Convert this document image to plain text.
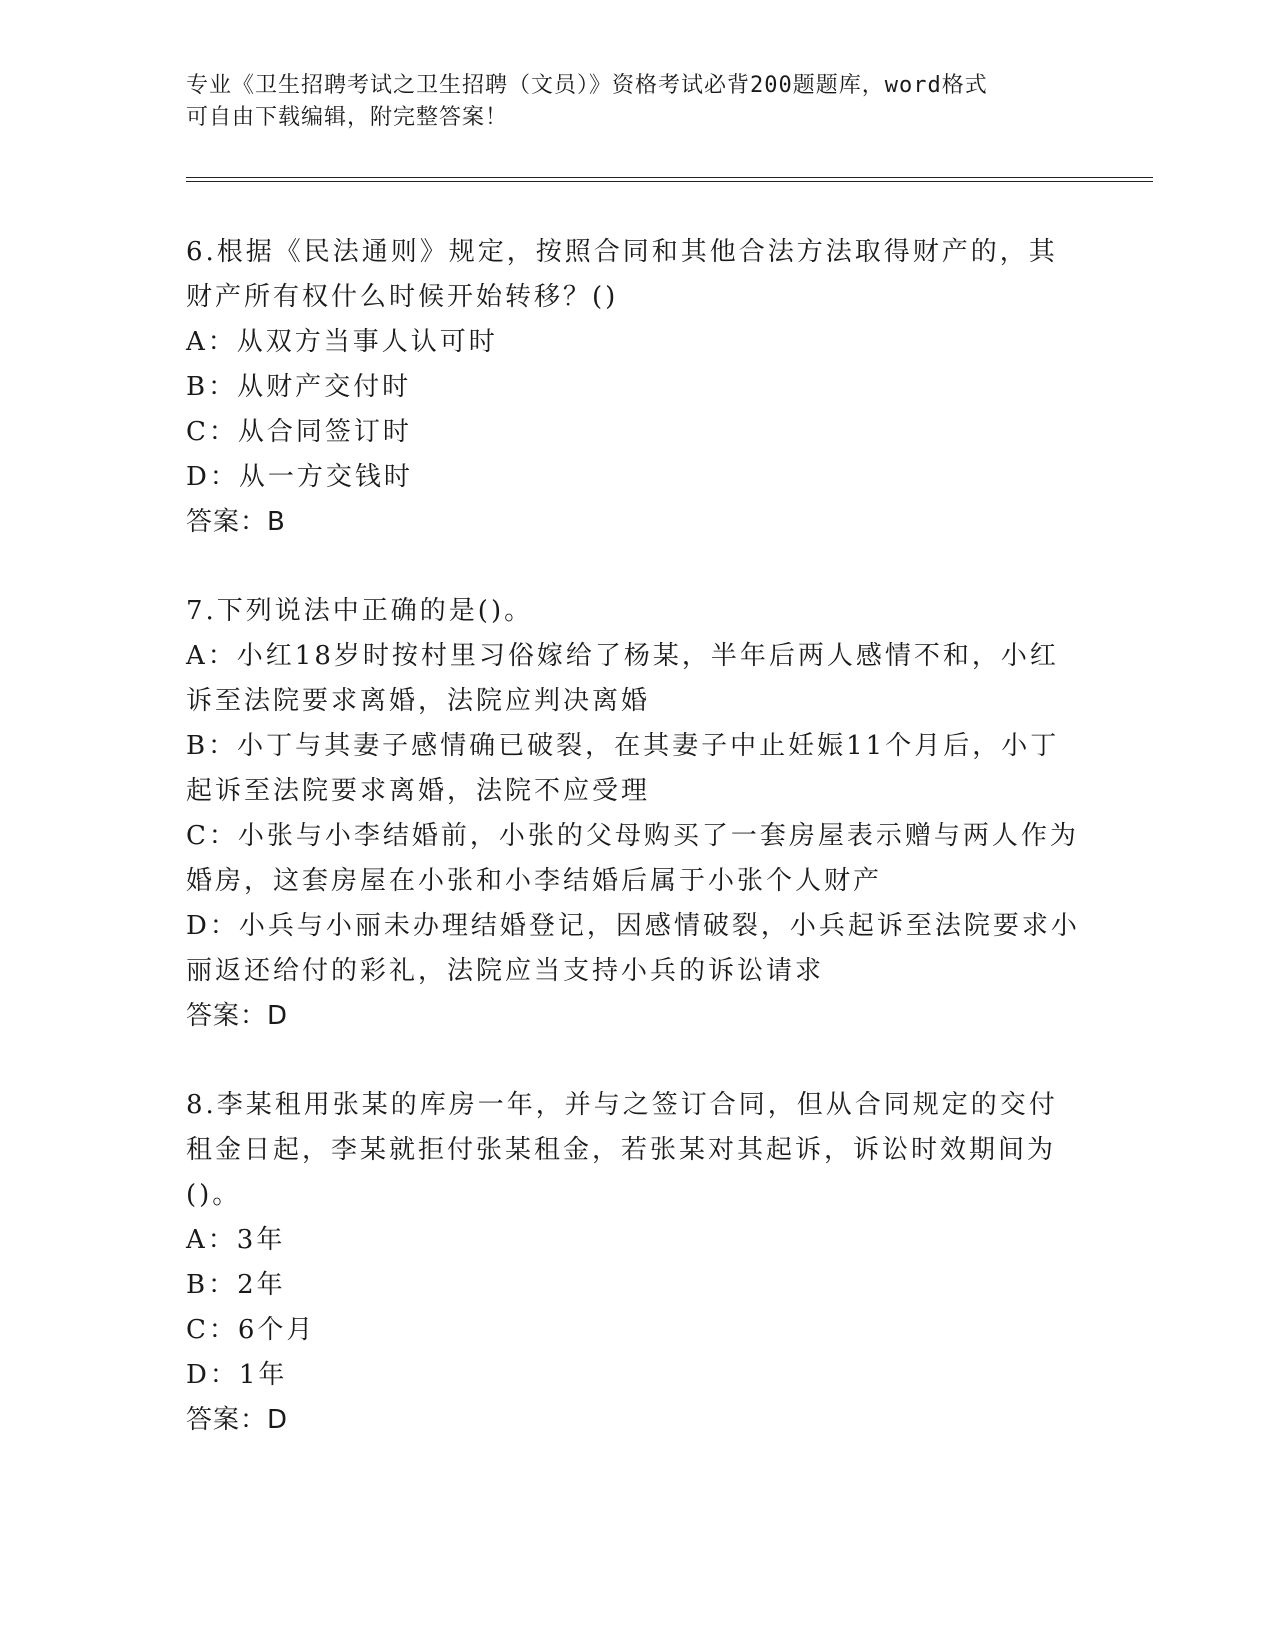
专业《卫生招聘考试之卫生招聘（文员）》资格考试必背200题题库，word格式
可自由下载编辑，附完整答案！
6.根据《民法通则》规定，按照合同和其他合法方法取得财产的，其
财产所有权什么时候开始转移？()
A：从双方当事人认可时
B：从财产交付时
C：从合同签订时
D：从一方交钱时
答案：B
7.下列说法中正确的是()。
A：小红18岁时按村里习俗嫁给了杨某，半年后两人感情不和，小红
诉至法院要求离婚，法院应判决离婚
B：小丁与其妻子感情确已破裂，在其妻子中止妊娠11个月后，小丁
起诉至法院要求离婚，法院不应受理
C：小张与小李结婚前，小张的父母购买了一套房屋表示赠与两人作为
婚房，这套房屋在小张和小李结婚后属于小张个人财产
D：小兵与小丽未办理结婚登记，因感情破裂，小兵起诉至法院要求小
丽返还给付的彩礼，法院应当支持小兵的诉讼请求
答案：D
8.李某租用张某的库房一年，并与之签订合同，但从合同规定的交付
租金日起，李某就拒付张某租金，若张某对其起诉，诉讼时效期间为
()。
A：3年
B：2年
C：6个月
D：1年
答案：D
